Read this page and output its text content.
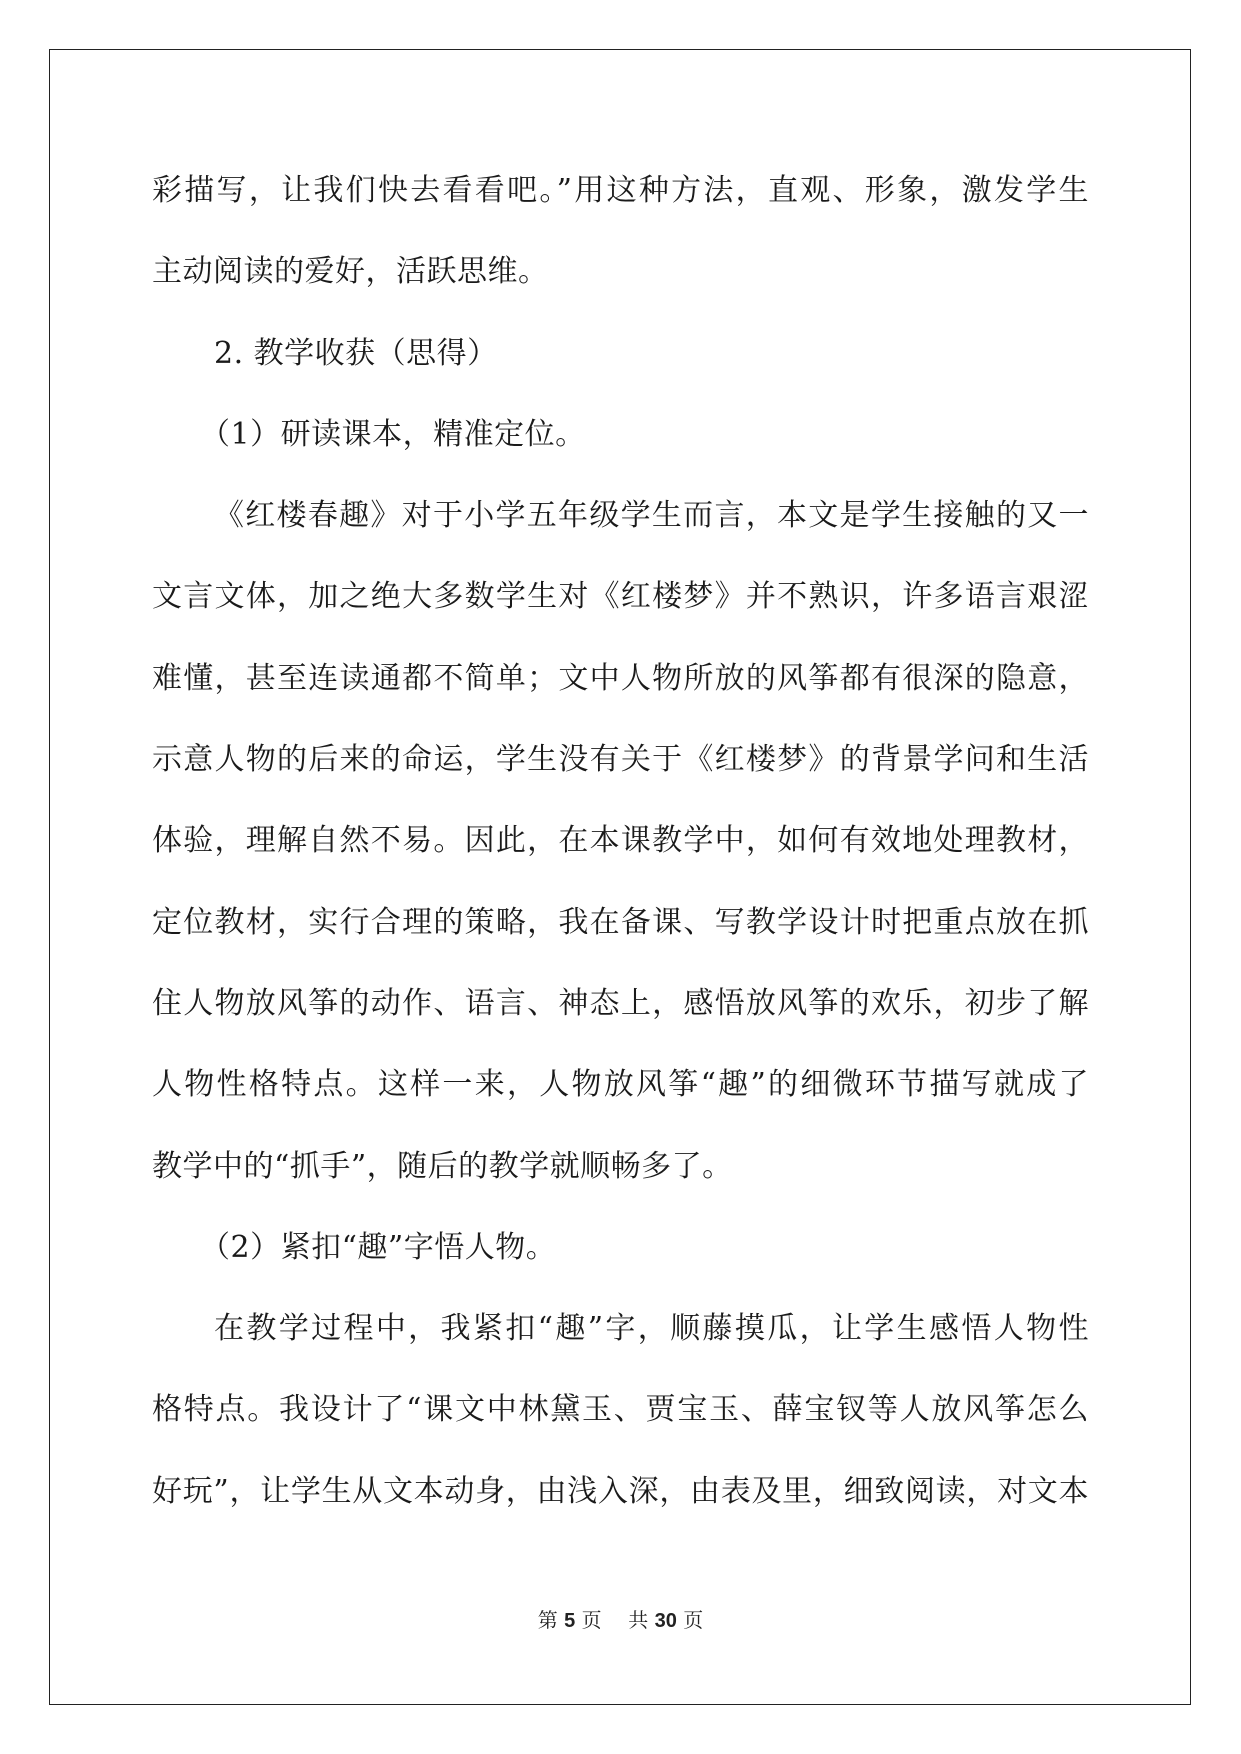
彩描写，让我们快去看看吧。”用这种方法，直观、形象，激发学生
主动阅读的爱好，活跃思维。
2. 教学收获（思得）
（1）研读课本，精准定位。
《红楼春趣》对于小学五年级学生而言，本文是学生接触的又一
文言文体，加之绝大多数学生对《红楼梦》并不熟识，许多语言艰涩
难懂，甚至连读通都不简单；文中人物所放的风筝都有很深的隐意，
示意人物的后来的命运，学生没有关于《红楼梦》的背景学问和生活
体验，理解自然不易。因此，在本课教学中，如何有效地处理教材，
定位教材，实行合理的策略，我在备课、写教学设计时把重点放在抓
住人物放风筝的动作、语言、神态上，感悟放风筝的欢乐，初步了解
人物性格特点。这样一来，人物放风筝“趣”的细微环节描写就成了
教学中的“抓手”，随后的教学就顺畅多了。
（2）紧扣“趣”字悟人物。
在教学过程中，我紧扣“趣”字，顺藤摸瓜，让学生感悟人物性
格特点。我设计了“课文中林黛玉、贾宝玉、薛宝钗等人放风筝怎么
好玩”，让学生从文本动身，由浅入深，由表及里，细致阅读，对文本
第 5 页 共 30 页
